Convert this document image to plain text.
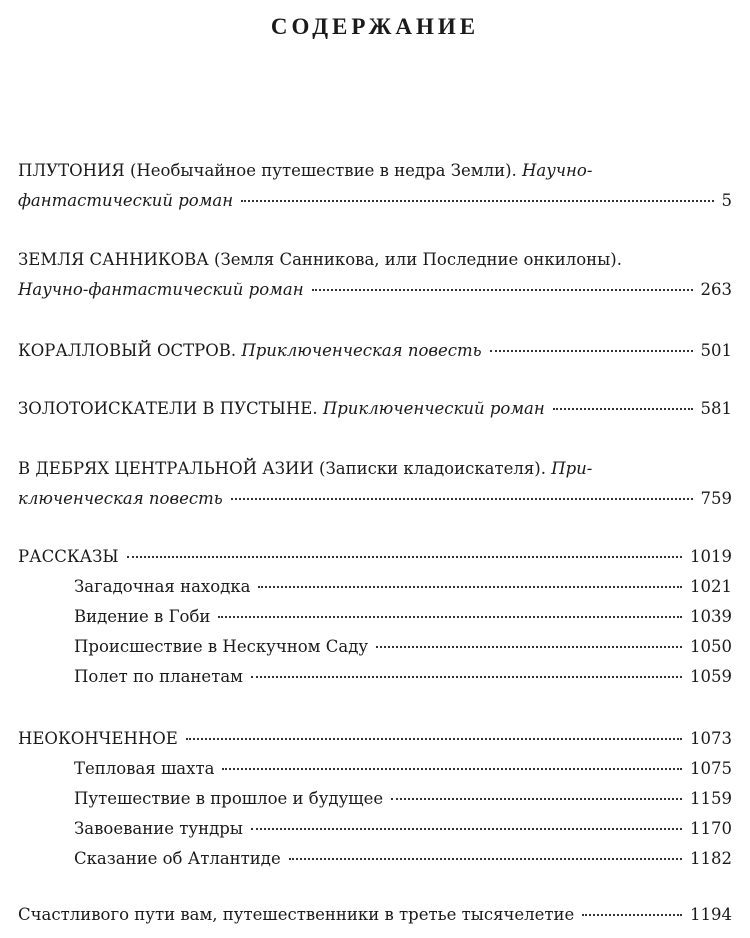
СОДЕРЖАНИЕ
ПЛУТОНИЯ (Необычайное путешествие в недра Земли). Научно-
фантастический роман	5
ЗЕМЛЯ САННИКОВА (Земля Санникова, или Последние онкилоны).
Научно-фантастический роман	263
КОРАЛЛОВЫЙ ОСТРОВ. Приключенческая повесть	501
ЗОЛОТОИСКАТЕЛИ В ПУСТЫНЕ. Приключенческий роман	581
В ДЕБРЯХ ЦЕНТРАЛЬНОЙ АЗИИ (Записки кладоискателя). При-
ключенческая повесть	759
РАССКАЗЫ	1019
Загадочная находка	1021
Видение в Гоби	1039
Происшествие в Нескучном Саду	1050
Полет по планетам	1059
НЕОКОНЧЕННОЕ	1073
Тепловая шахта	1075
Путешествие в прошлое и будущее	1159
Завоевание тундры	1170
Сказание об Атлантиде	1182
Счастливого пути вам, путешественники в третье тысячелетие	1194
